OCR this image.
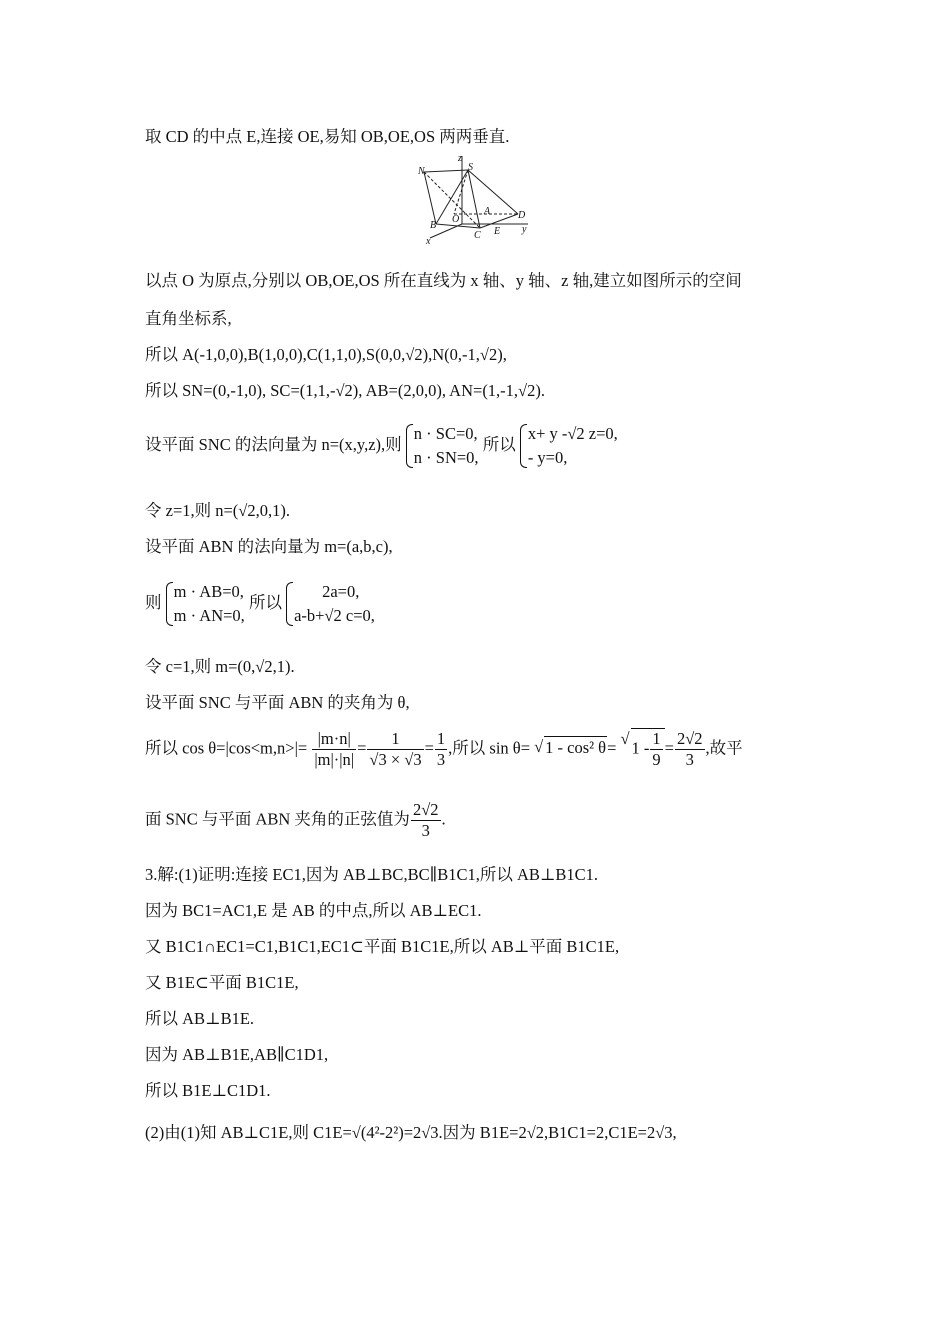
取 CD 的中点 E,连接 OE,易知 OB,OE,OS 两两垂直.
z
N	S
O
A	D
B
C E
x
y
以点 O 为原点,分别以 OB,OE,OS 所在直线为 x 轴、y 轴、z 轴,建立如图所示的空间
直角坐标系,
所以 A(-1,0,0),B(1,0,0),C(1,1,0),S(0,0,√2),N(0,-1,√2),
所以 SN=(0,-1,0), SC=(1,1,-√2), AB=(2,0,0), AN=(1,-1,√2).
设平面 SNC 的法向量为 n=(x,y,z),则
n · SC=0,
n · SN=0,
所以
x+ y -√2 z=0,
- y=0,
令 z=1,则 n=(√2,0,1).
设平面 ABN 的法向量为 m=(a,b,c),
则
m · AB=0,
m · AN=0,
所以
2a=0,
a-b+√2 c=0,
令 c=1,则 m=(0,√2,1).
设平面 SNC 与平面 ABN 的夹角为 θ,
所以 $\cos \theta=|\cos<m,n>|= \frac{|m\cdot n|}{|m|\cdot|n|} = \frac{1}{√3 \times √3} = \frac{1}{3}$ ,所以 sin θ= √ 1 - cos² θ= √ $1 - \frac{1}{9} = \frac{2√2}{3}$ ,故平
面 SNC 与平面 ABN 夹角的正弦值为 $\frac{2√2}{3}$ .
3.解:(1)证明:连接 EC1,因为 AB⊥BC,BC∥B1C1,所以 AB⊥B1C1.
因为 BC1=AC1,E 是 AB 的中点,所以 AB⊥EC1.
又 B1C1∩EC1=C1,B1C1,EC1⊂平面 B1C1E,所以 AB⊥平面 B1C1E,
又 B1E⊂平面 B1C1E,
所以 AB⊥B1E.
因为 AB⊥B1E,AB∥C1D1,
所以 B1E⊥C1D1.
(2)由(1)知 AB⊥C1E,则 C1E=√(4²-2²)=2√3.因为 B1E=2√2,B1C1=2,C1E=2√3,
